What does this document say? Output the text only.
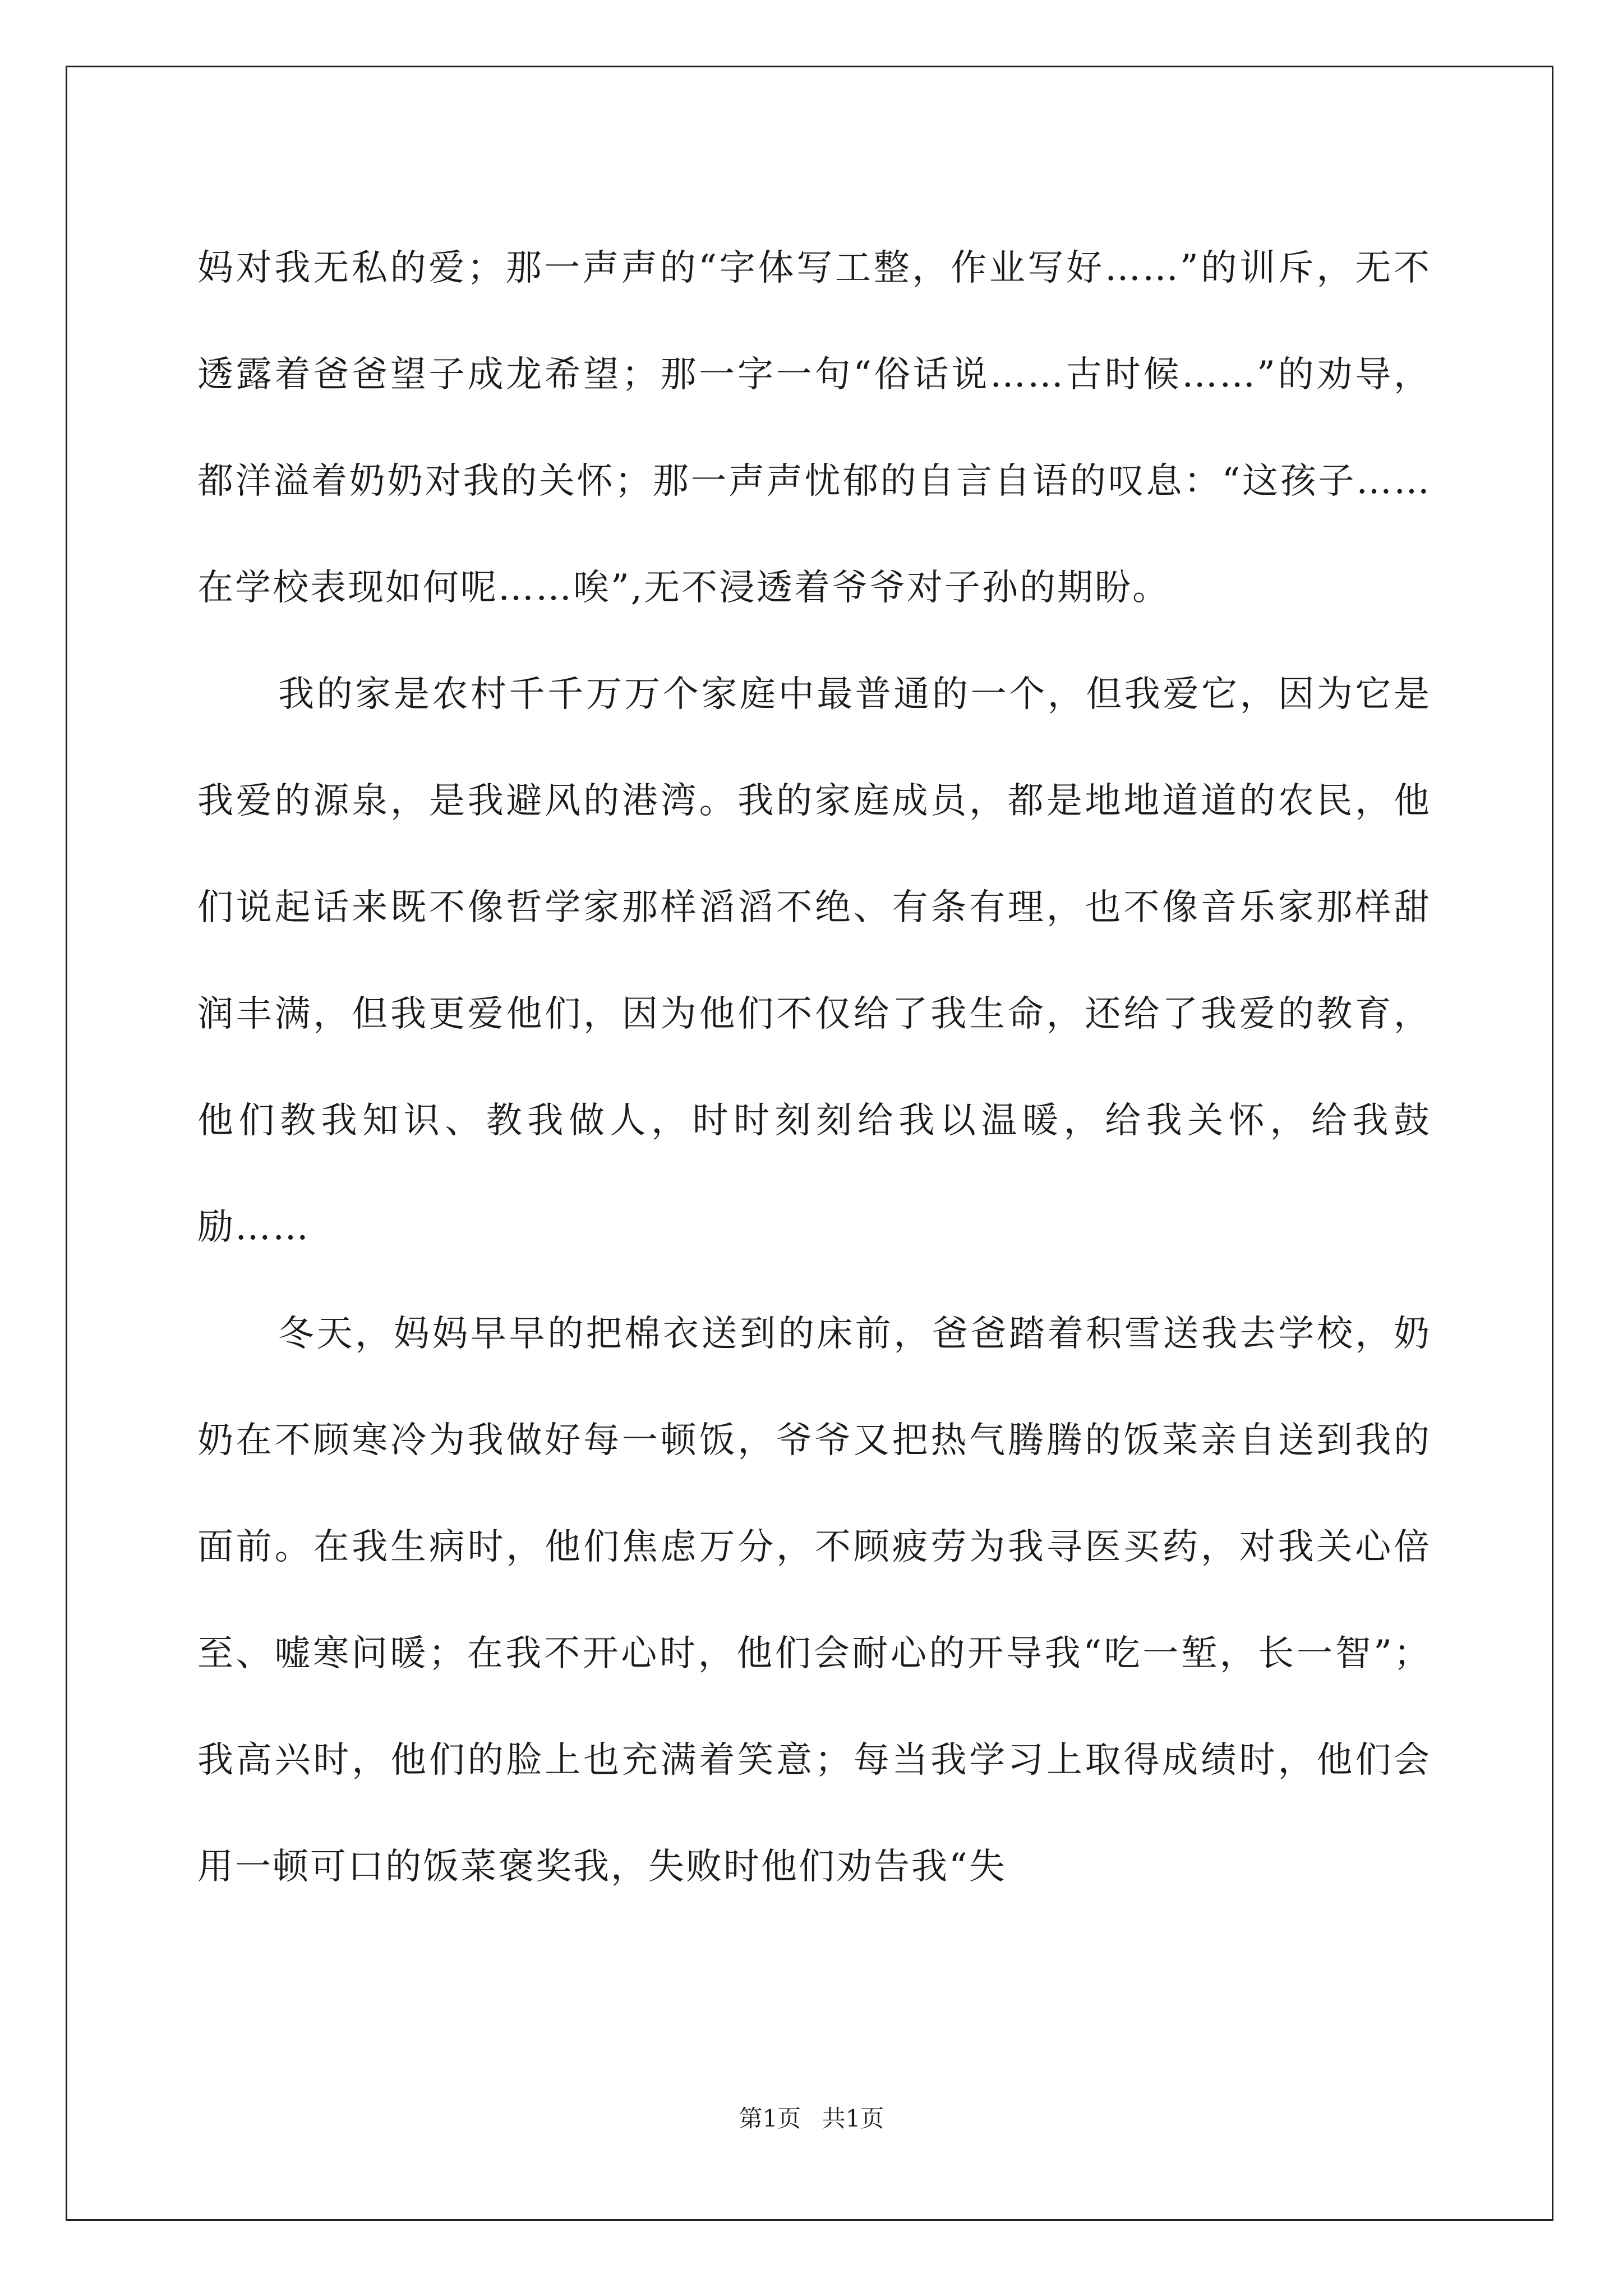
妈对我无私的爱；那一声声的“字体写工整，作业写好……”的训斥，无不透露着爸爸望子成龙希望；那一字一句“俗话说……古时候……”的劝导，都洋溢着奶奶对我的关怀；那一声声忧郁的自言自语的叹息：“这孩子……在学校表现如何呢……唉”,无不浸透着爷爷对子孙的期盼。

我的家是农村千千万万个家庭中最普通的一个，但我爱它，因为它是我爱的源泉，是我避风的港湾。我的家庭成员，都是地地道道的农民，他们说起话来既不像哲学家那样滔滔不绝、有条有理，也不像音乐家那样甜润丰满，但我更爱他们，因为他们不仅给了我生命，还给了我爱的教育，他们教我知识、教我做人，时时刻刻给我以温暖，给我关怀，给我鼓励……

冬天，妈妈早早的把棉衣送到的床前，爸爸踏着积雪送我去学校，奶奶在不顾寒冷为我做好每一顿饭，爷爷又把热气腾腾的饭菜亲自送到我的面前。在我生病时，他们焦虑万分，不顾疲劳为我寻医买药，对我关心倍至、嘘寒问暖；在我不开心时，他们会耐心的开导我“吃一堑，长一智”；我高兴时，他们的脸上也充满着笑意；每当我学习上取得成绩时，他们会用一顿可口的饭菜褒奖我，失败时他们劝告我“失

第1页 共1页
